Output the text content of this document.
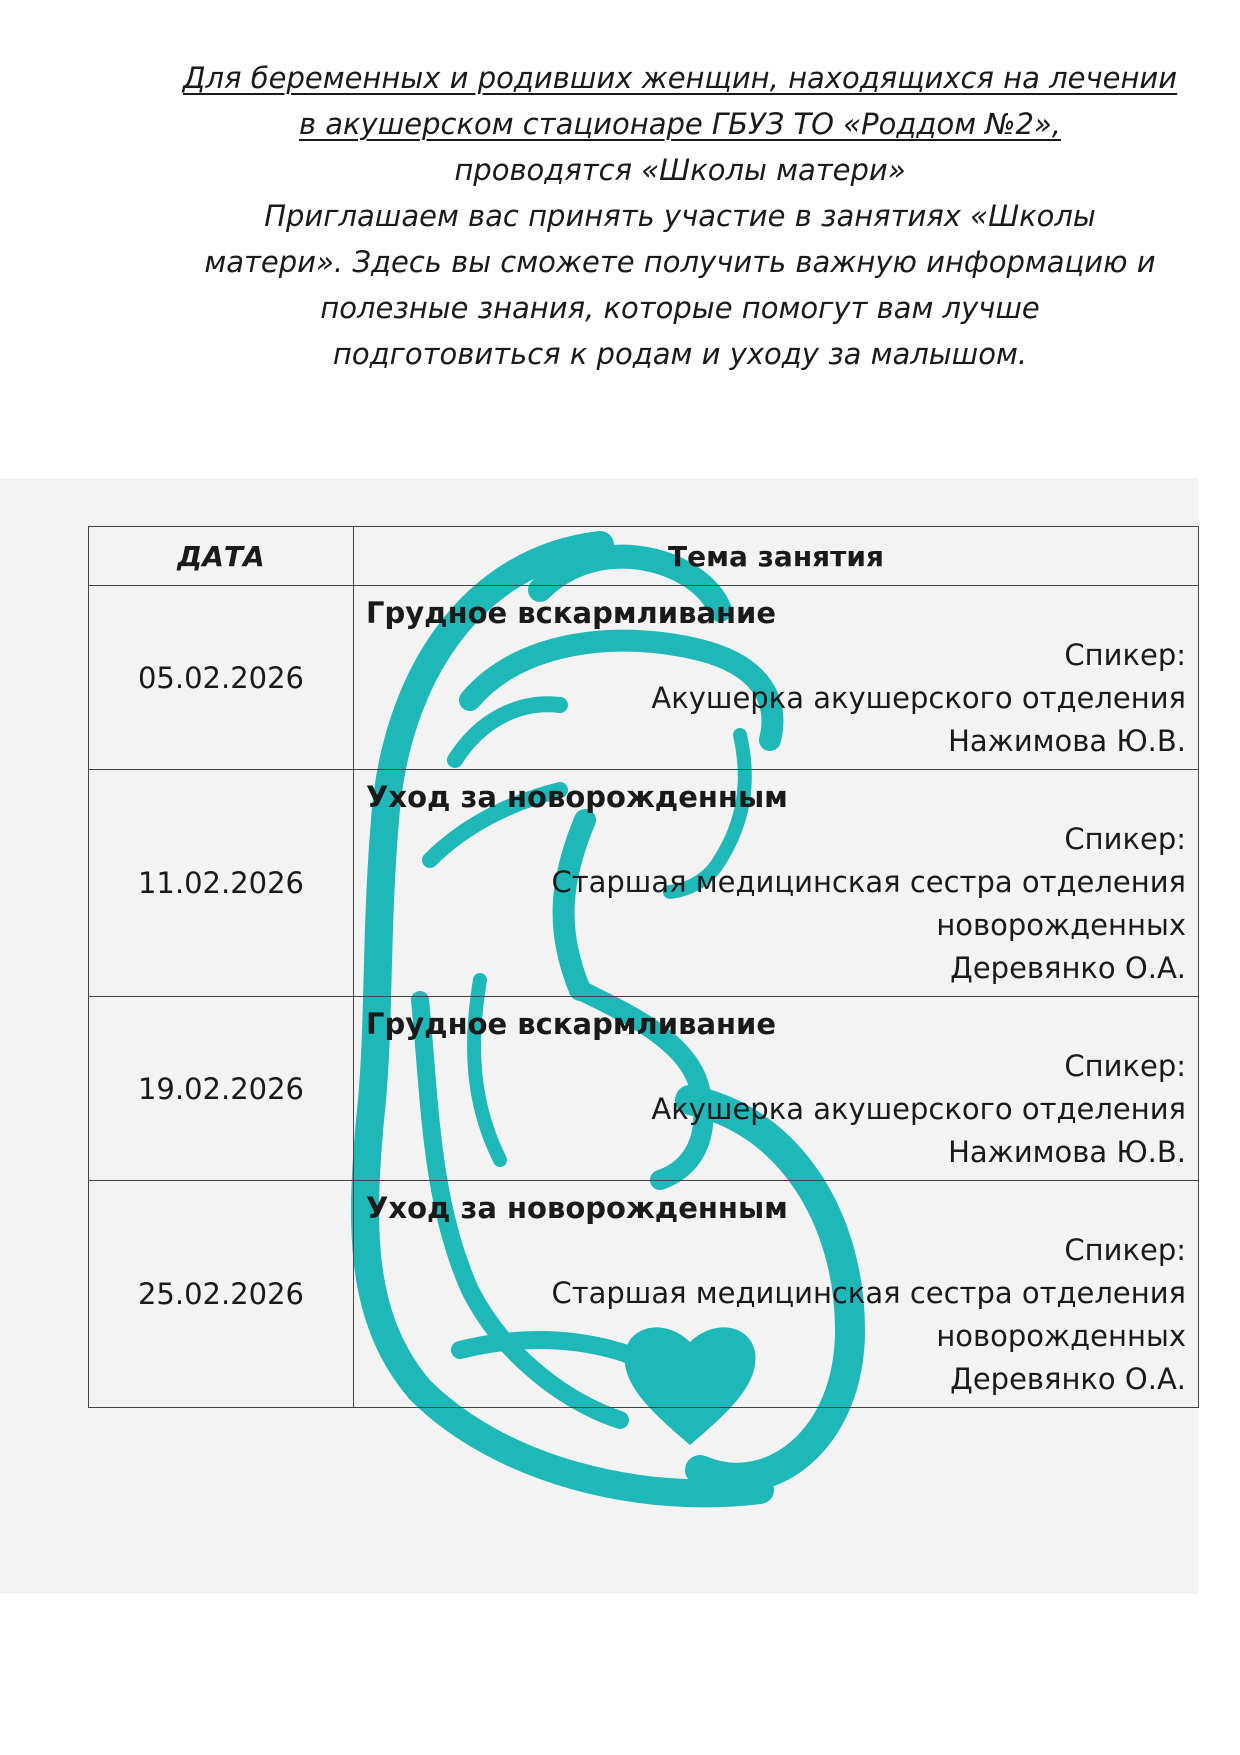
Для беременных и родивших женщин, находящихся на лечении
в акушерском стационаре ГБУЗ ТО «Роддом №2»,
проводятся «Школы матери»
Приглашаем вас принять участие в занятиях «Школы
матери». Здесь вы сможете получить важную информацию и
полезные знания, которые помогут вам лучше
подготовиться к родам и уходу за малышом.
ДАТА	Тема занятия
05.02.2026	Грудное вскармливание
Спикер:
Акушерка акушерского отделения
Нажимова Ю.В.

11.02.2026	Уход за новорожденным
Спикер:
Старшая медицинская сестра отделения
новорожденных
Деревянко О.А.

19.02.2026	Грудное вскармливание
Спикер:
Акушерка акушерского отделения
Нажимова Ю.В.

25.02.2026	Уход за новорожденным
Спикер:
Старшая медицинская сестра отделения
новорожденных
Деревянко О.А.
